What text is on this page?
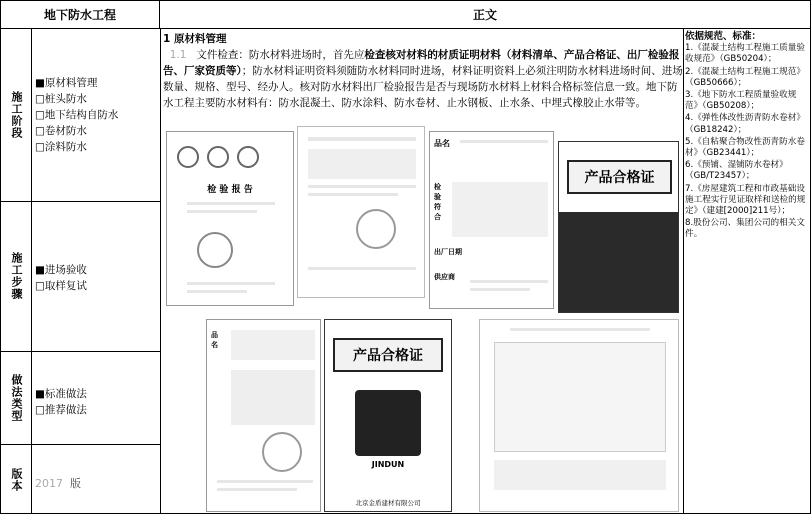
地下防水工程	正文
施工阶段
施工步骤
做法类型
版本
■原材料管理
□桩头防水
□地下结构自防水
□卷材防水
□涂料防水
■进场验收
□取样复试
■标准做法
□推荐做法
2017 版
1 原材料管理
1.1 文件检查：防水材料进场时，首先应检查核对材料的材质证明材料（材料清单、产品合格证、出厂检验报告、厂家资质等）；防水材料证明资料须随防水材料同时进场，材料证明资料上必须注明防水材料进场时间、进场数量、规格、型号、经办人。核对防水材料出厂检验报告是否与现场防水材料上材料合格标签信息一致。地下防水工程主要防水材料有：防水混凝土、防水涂料、防水卷材、止水钢板、止水条、中埋式橡胶止水带等。
依据规范、标准：
1.《混凝土结构工程施工质量验收规范》（GB50204）；
2.《混凝土结构工程施工规范》（GB50666）；
3.《地下防水工程质量验收规范》（GB50208）；
4.《弹性体改性沥青防水卷材》（GB18242）；
5.《自粘聚合物改性沥青防水卷材》（GB23441）；
6.《预铺、湿铺防水卷材》（GB/T23457）；
7.《房屋建筑工程和市政基础设施工程实行见证取样和送检的规定》（建建[2000]211号）；
8.股份公司、集团公司的相关文件。
检 验 报 告
品名
检验符合
出厂日期
供应商
产品合格证
品名
产品合格证
JINDUN
北京金盾建材有限公司
